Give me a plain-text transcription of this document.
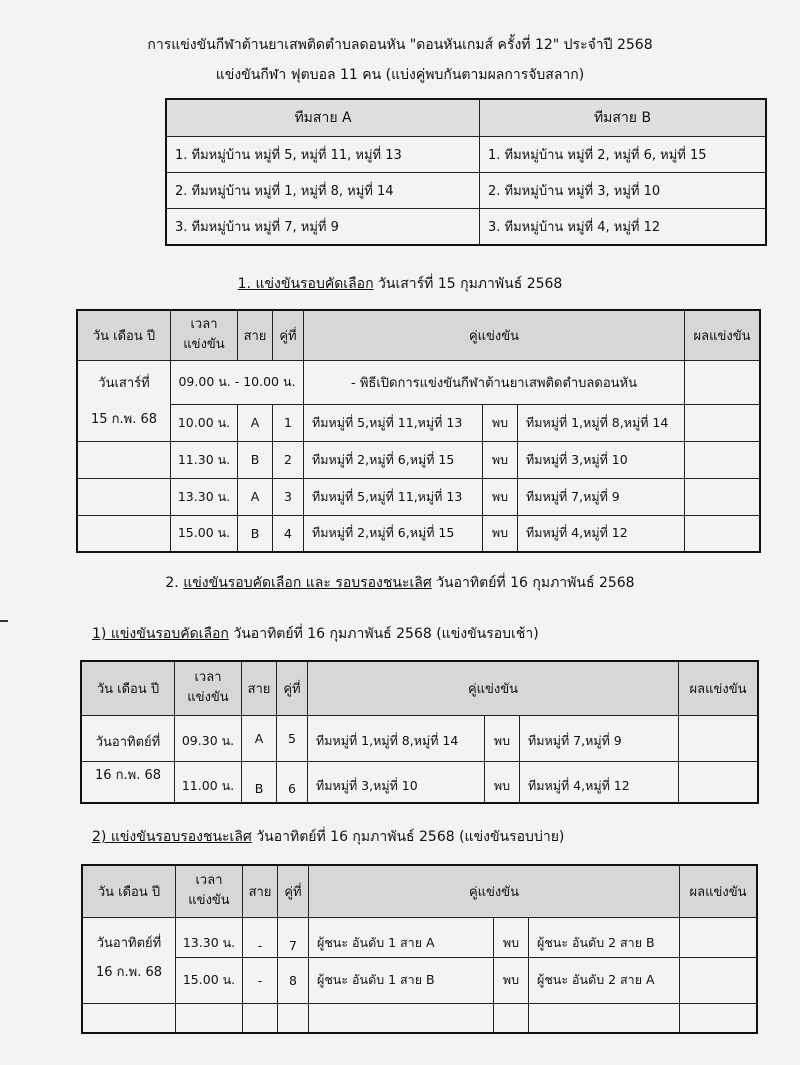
การแข่งขันกีฬาต้านยาเสพติดตำบลดอนหัน "ดอนหันเกมส์ ครั้งที่ 12" ประจำปี 2568
แข่งขันกีฬา ฟุตบอล 11 คน (แบ่งคู่พบกันตามผลการจับสลาก)
ทีมสาย A	ทีมสาย B
1. ทีมหมู่บ้าน หมู่ที่ 5, หมู่ที่ 11, หมู่ที่ 13	1. ทีมหมู่บ้าน หมู่ที่ 2, หมู่ที่ 6, หมู่ที่ 15
2. ทีมหมู่บ้าน หมู่ที่ 1, หมู่ที่ 8, หมู่ที่ 14	2. ทีมหมู่บ้าน หมู่ที่ 3, หมู่ที่ 10
3. ทีมหมู่บ้าน หมู่ที่ 7, หมู่ที่ 9	3. ทีมหมู่บ้าน หมู่ที่ 4, หมู่ที่ 12
1. แข่งขันรอบคัดเลือก วันเสาร์ที่ 15 กุมภาพันธ์ 2568
วัน เดือน ปี	เวลา
แข่งขัน	สาย	คู่ที่	คู่แข่งขัน			ผลแข่งขัน
วันเสาร์ที่	09.00 น. - 10.00 น.			- พิธีเปิดการแข่งขันกีฬาต้านยาเสพติดตำบลดอนหัน			
15 ก.พ. 68	10.00 น.	A	1	ทีมหมู่ที่ 5,หมู่ที่ 11,หมู่ที่ 13	พบ	ทีมหมู่ที่ 1,หมู่ที่ 8,หมู่ที่ 14	
	11.30 น.	B	2	ทีมหมู่ที่ 2,หมู่ที่ 6,หมู่ที่ 15	พบ	ทีมหมู่ที่ 3,หมู่ที่ 10	
	13.30 น.	A	3	ทีมหมู่ที่ 5,หมู่ที่ 11,หมู่ที่ 13	พบ	ทีมหมู่ที่ 7,หมู่ที่ 9	
	15.00 น.	B	4	ทีมหมู่ที่ 2,หมู่ที่ 6,หมู่ที่ 15	พบ	ทีมหมู่ที่ 4,หมู่ที่ 12	
2. แข่งขันรอบคัดเลือก และ รอบรองชนะเลิศ วันอาทิตย์ที่ 16 กุมภาพันธ์ 2568
1) แข่งขันรอบคัดเลือก วันอาทิตย์ที่ 16 กุมภาพันธ์ 2568 (แข่งขันรอบเช้า)
วัน เดือน ปี	เวลา
แข่งขัน	สาย	คู่ที่	คู่แข่งขัน			ผลแข่งขัน

วันอาทิตย์ที่	09.30 น.	A	5	ทีมหมู่ที่ 1,หมู่ที่ 8,หมู่ที่ 14	พบ	ทีมหมู่ที่ 7,หมู่ที่ 9	
16 ก.พ. 68	11.00 น.	B	6	ทีมหมู่ที่ 3,หมู่ที่ 10	พบ	ทีมหมู่ที่ 4,หมู่ที่ 12	
2) แข่งขันรอบรองชนะเลิศ วันอาทิตย์ที่ 16 กุมภาพันธ์ 2568 (แข่งขันรอบบ่าย)
วัน เดือน ปี	เวลา
แข่งขัน	สาย	คู่ที่	คู่แข่งขัน			ผลแข่งขัน
วันอาทิตย์ที่	13.30 น.	-	7	ผู้ชนะ อันดับ 1 สาย A	พบ	ผู้ชนะ อันดับ 2 สาย B	
16 ก.พ. 68	15.00 น.	-	8	ผู้ชนะ อันดับ 1 สาย B	พบ	ผู้ชนะ อันดับ 2 สาย A	
